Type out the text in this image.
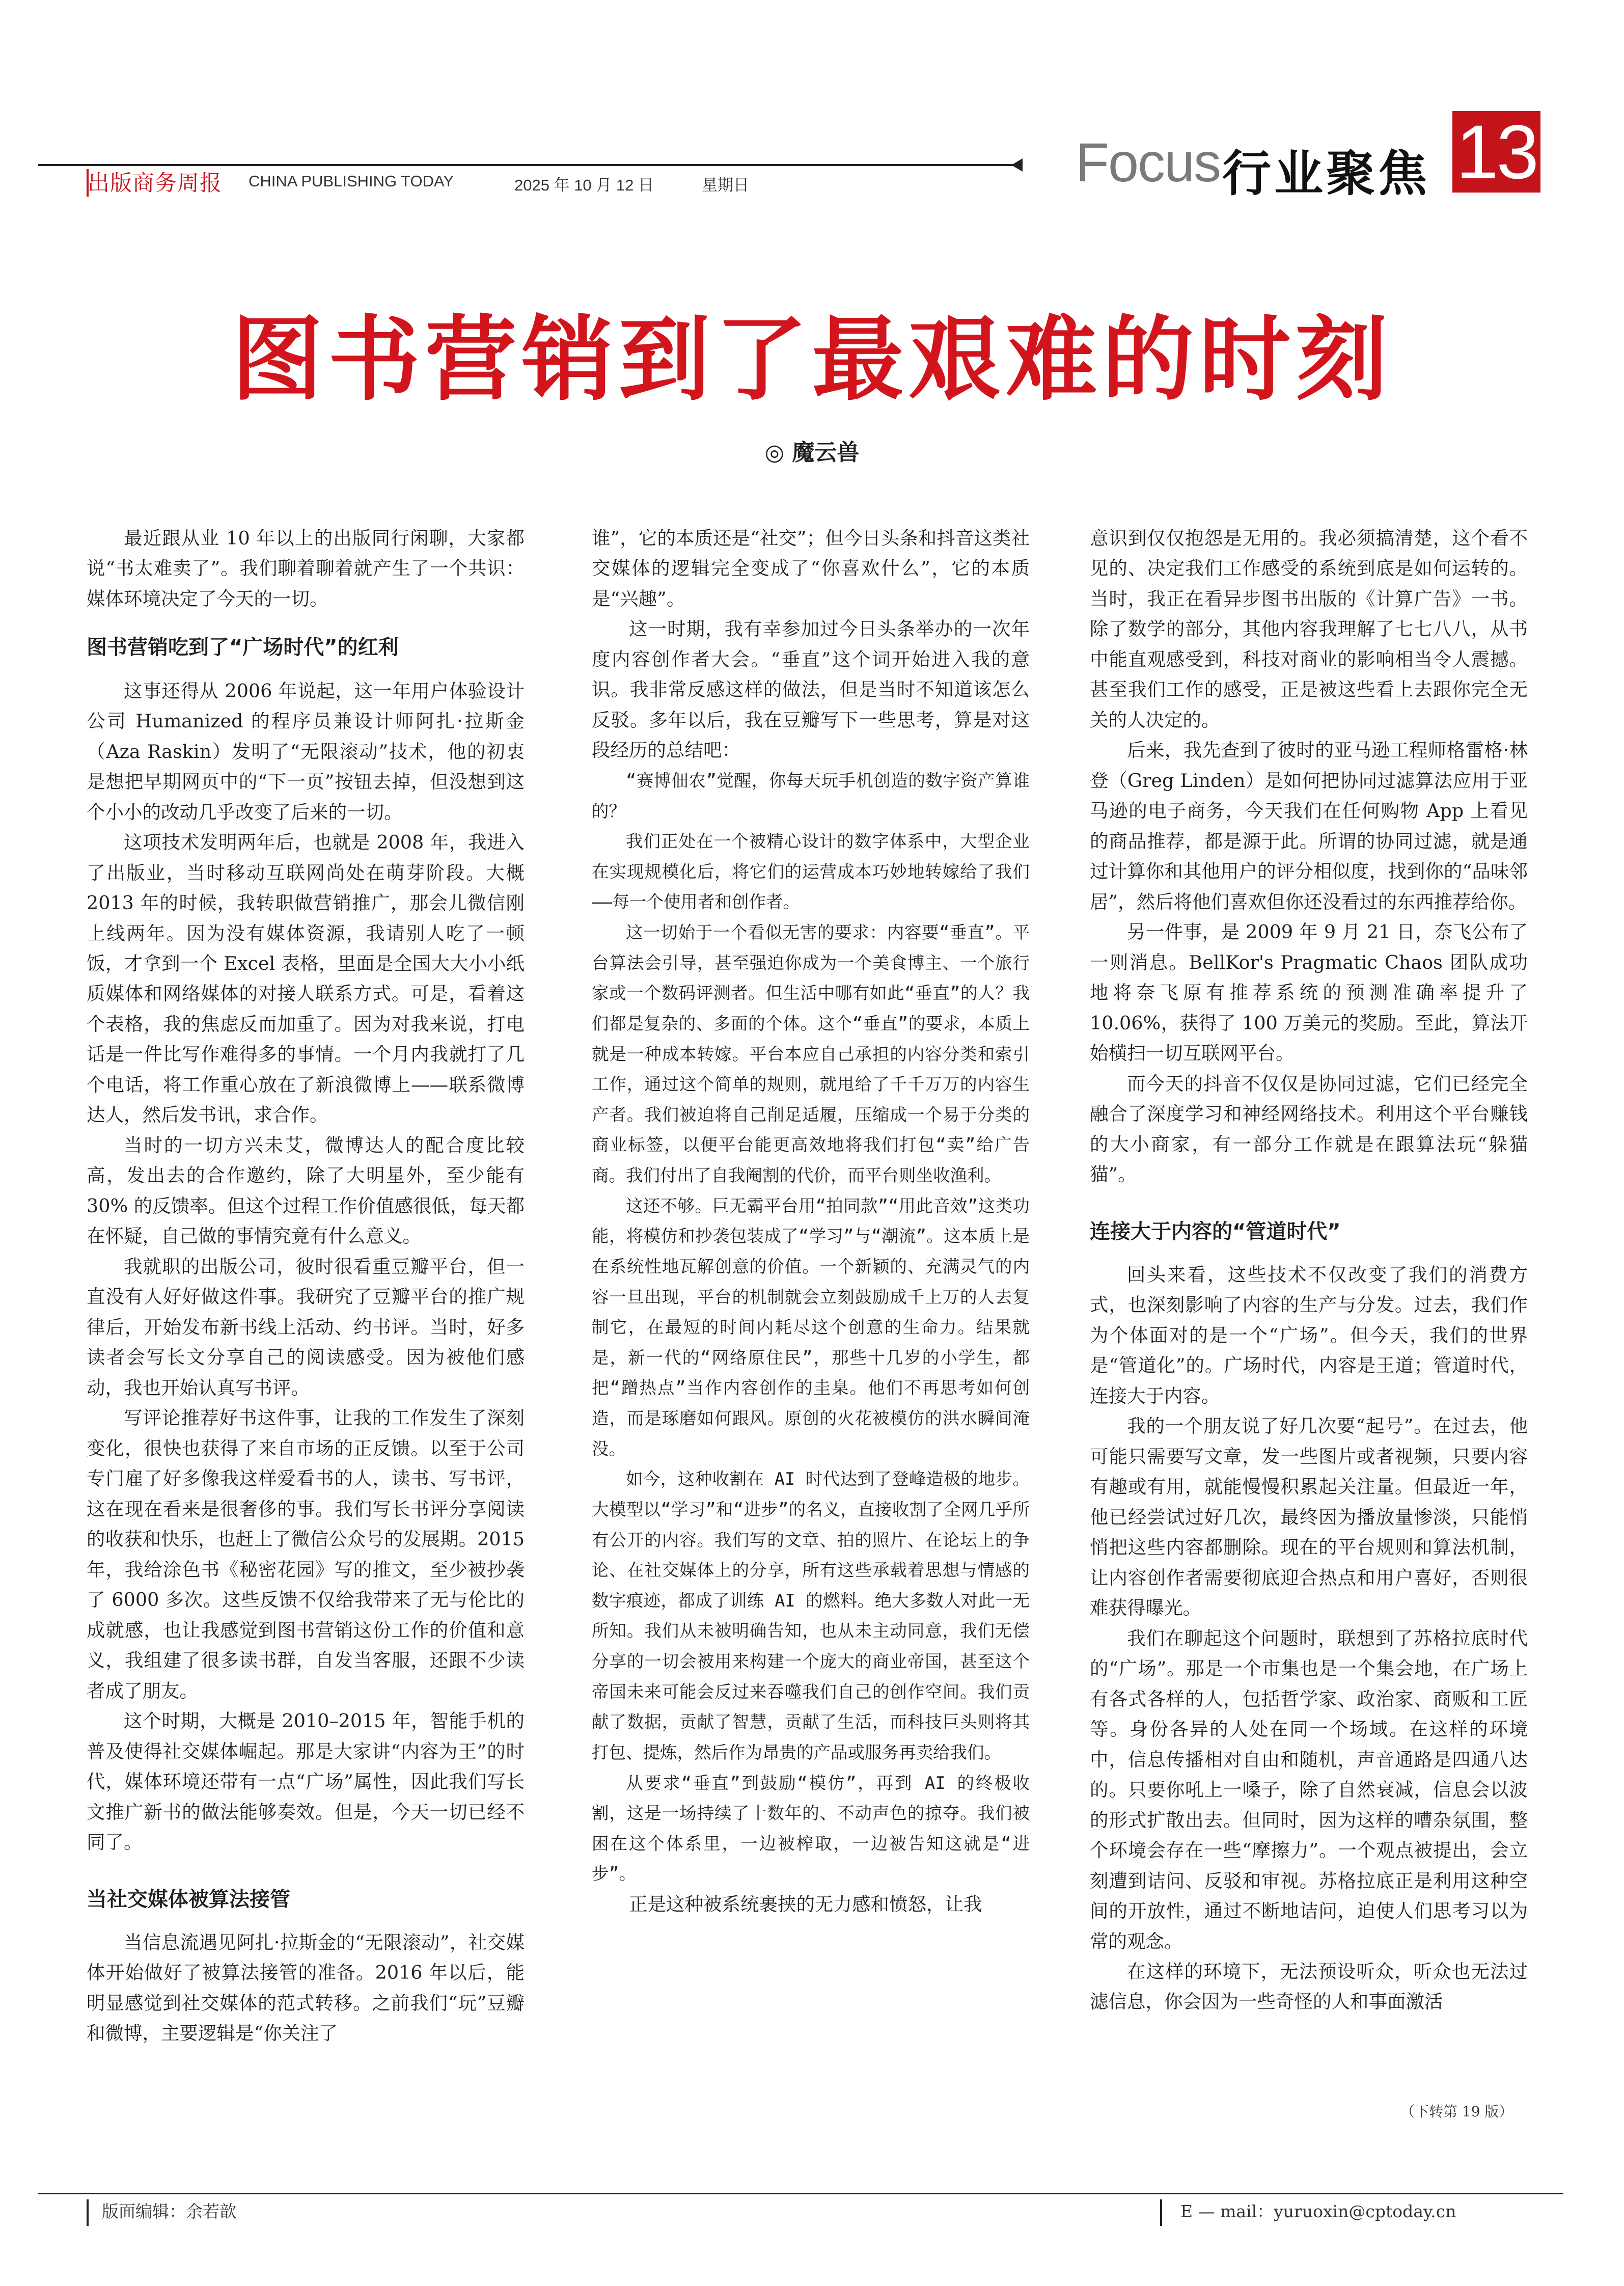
出版商务周报 CHINA PUBLISHING TODAY	2025 年 10 月 12 日	星期日	Focus 行业聚焦 13
图书营销到了最艰难的时刻
◎ 魔云兽

最近跟从业 10 年以上的出版同行闲聊，大家都说“书太难卖了”。我们聊着聊着就产生了一个共识：媒体环境决定了今天的一切。

图书营销吃到了“广场时代”的红利

这事还得从 2006 年说起，这一年用户体验设计公司 Humanized 的程序员兼设计师阿扎·拉斯金（Aza Raskin）发明了“无限滚动”技术，他的初衷是想把早期网页中的“下一页”按钮去掉，但没想到这个小小的改动几乎改变了后来的一切。

这项技术发明两年后，也就是 2008 年，我进入了出版业，当时移动互联网尚处在萌芽阶段。大概 2013 年的时候，我转职做营销推广，那会儿微信刚上线两年。因为没有媒体资源，我请别人吃了一顿饭，才拿到一个 Excel 表格，里面是全国大大小小纸质媒体和网络媒体的对接人联系方式。可是，看着这个表格，我的焦虑反而加重了。因为对我来说，打电话是一件比写作难得多的事情。一个月内我就打了几个电话，将工作重心放在了新浪微博上——联系微博达人，然后发书讯，求合作。

当时的一切方兴未艾，微博达人的配合度比较高，发出去的合作邀约，除了大明星外，至少能有 30% 的反馈率。但这个过程工作价值感很低，每天都在怀疑，自己做的事情究竟有什么意义。

我就职的出版公司，彼时很看重豆瓣平台，但一直没有人好好做这件事。我研究了豆瓣平台的推广规律后，开始发布新书线上活动、约书评。当时，好多读者会写长文分享自己的阅读感受。因为被他们感动，我也开始认真写书评。

写评论推荐好书这件事，让我的工作发生了深刻变化，很快也获得了来自市场的正反馈。以至于公司专门雇了好多像我这样爱看书的人，读书、写书评，这在现在看来是很奢侈的事。我们写长书评分享阅读的收获和快乐，也赶上了微信公众号的发展期。2015 年，我给涂色书《秘密花园》写的推文，至少被抄袭了 6000 多次。这些反馈不仅给我带来了无与伦比的成就感，也让我感觉到图书营销这份工作的价值和意义，我组建了很多读书群，自发当客服，还跟不少读者成了朋友。

这个时期，大概是 2010–2015 年，智能手机的普及使得社交媒体崛起。那是大家讲“内容为王”的时代，媒体环境还带有一点“广场”属性，因此我们写长文推广新书的做法能够奏效。但是，今天一切已经不同了。

当社交媒体被算法接管

当信息流遇见阿扎·拉斯金的“无限滚动”，社交媒体开始做好了被算法接管的准备。2016 年以后，能明显感觉到社交媒体的范式转移。之前我们“玩”豆瓣和微博，主要逻辑是“你关注了

谁”，它的本质还是“社交”；但今日头条和抖音这类社交媒体的逻辑完全变成了“你喜欢什么”，它的本质是“兴趣”。

这一时期，我有幸参加过今日头条举办的一次年度内容创作者大会。“垂直”这个词开始进入我的意识。我非常反感这样的做法，但是当时不知道该怎么反驳。多年以后，我在豆瓣写下一些思考，算是对这段经历的总结吧：

“赛博佃农”觉醒，你每天玩手机创造的数字资产算谁的？

我们正处在一个被精心设计的数字体系中，大型企业在实现规模化后，将它们的运营成本巧妙地转嫁给了我们——每一个使用者和创作者。

这一切始于一个看似无害的要求：内容要“垂直”。平台算法会引导，甚至强迫你成为一个美食博主、一个旅行家或一个数码评测者。但生活中哪有如此“垂直”的人？我们都是复杂的、多面的个体。这个“垂直”的要求，本质上就是一种成本转嫁。平台本应自己承担的内容分类和索引工作，通过这个简单的规则，就甩给了千千万万的内容生产者。我们被迫将自己削足适履，压缩成一个易于分类的商业标签，以便平台能更高效地将我们打包“卖”给广告商。我们付出了自我阉割的代价，而平台则坐收渔利。

这还不够。巨无霸平台用“拍同款”“用此音效”这类功能，将模仿和抄袭包装成了“学习”与“潮流”。这本质上是在系统性地瓦解创意的价值。一个新颖的、充满灵气的内容一旦出现，平台的机制就会立刻鼓励成千上万的人去复制它，在最短的时间内耗尽这个创意的生命力。结果就是，新一代的“网络原住民”，那些十几岁的小学生，都把“蹭热点”当作内容创作的圭臬。他们不再思考如何创造，而是琢磨如何跟风。原创的火花被模仿的洪水瞬间淹没。

如今，这种收割在 AI 时代达到了登峰造极的地步。大模型以“学习”和“进步”的名义，直接收割了全网几乎所有公开的内容。我们写的文章、拍的照片、在论坛上的争论、在社交媒体上的分享，所有这些承载着思想与情感的数字痕迹，都成了训练 AI 的燃料。绝大多数人对此一无所知。我们从未被明确告知，也从未主动同意，我们无偿分享的一切会被用来构建一个庞大的商业帝国，甚至这个帝国未来可能会反过来吞噬我们自己的创作空间。我们贡献了数据，贡献了智慧，贡献了生活，而科技巨头则将其打包、提炼，然后作为昂贵的产品或服务再卖给我们。

从要求“垂直”到鼓励“模仿”，再到 AI 的终极收割，这是一场持续了十数年的、不动声色的掠夺。我们被困在这个体系里，一边被榨取，一边被告知这就是“进步”。

正是这种被系统裹挟的无力感和愤怒，让我

意识到仅仅抱怨是无用的。我必须搞清楚，这个看不见的、决定我们工作感受的系统到底是如何运转的。当时，我正在看异步图书出版的《计算广告》一书。除了数学的部分，其他内容我理解了七七八八，从书中能直观感受到，科技对商业的影响相当令人震撼。甚至我们工作的感受，正是被这些看上去跟你完全无关的人决定的。

后来，我先查到了彼时的亚马逊工程师格雷格·林登（Greg Linden）是如何把协同过滤算法应用于亚马逊的电子商务，今天我们在任何购物 App 上看见的商品推荐，都是源于此。所谓的协同过滤，就是通过计算你和其他用户的评分相似度，找到你的“品味邻居”，然后将他们喜欢但你还没看过的东西推荐给你。

另一件事，是 2009 年 9 月 21 日，奈飞公布了一则消息。BellKor's Pragmatic Chaos 团队成功地将奈飞原有推荐系统的预测准确率提升了 10.06%，获得了 100 万美元的奖励。至此，算法开始横扫一切互联网平台。

而今天的抖音不仅仅是协同过滤，它们已经完全融合了深度学习和神经网络技术。利用这个平台赚钱的大小商家，有一部分工作就是在跟算法玩“躲猫猫”。

连接大于内容的“管道时代”

回头来看，这些技术不仅改变了我们的消费方式，也深刻影响了内容的生产与分发。过去，我们作为个体面对的是一个“广场”。但今天，我们的世界是“管道化”的。广场时代，内容是王道；管道时代，连接大于内容。

我的一个朋友说了好几次要“起号”。在过去，他可能只需要写文章，发一些图片或者视频，只要内容有趣或有用，就能慢慢积累起关注量。但最近一年，他已经尝试过好几次，最终因为播放量惨淡，只能悄悄把这些内容都删除。现在的平台规则和算法机制，让内容创作者需要彻底迎合热点和用户喜好，否则很难获得曝光。

我们在聊起这个问题时，联想到了苏格拉底时代的“广场”。那是一个市集也是一个集会地，在广场上有各式各样的人，包括哲学家、政治家、商贩和工匠等。身份各异的人处在同一个场域。在这样的环境中，信息传播相对自由和随机，声音通路是四通八达的。只要你吼上一嗓子，除了自然衰减，信息会以波的形式扩散出去。但同时，因为这样的嘈杂氛围，整个环境会存在一些“摩擦力”。一个观点被提出，会立刻遭到诘问、反驳和审视。苏格拉底正是利用这种空间的开放性，通过不断地诘问，迫使人们思考习以为常的观念。

在这样的环境下，无法预设听众，听众也无法过滤信息，你会因为一些奇怪的人和事面激活

（下转第 19 版）
版面编辑：余若歆	E — mail：yuruoxin@cptoday.cn
